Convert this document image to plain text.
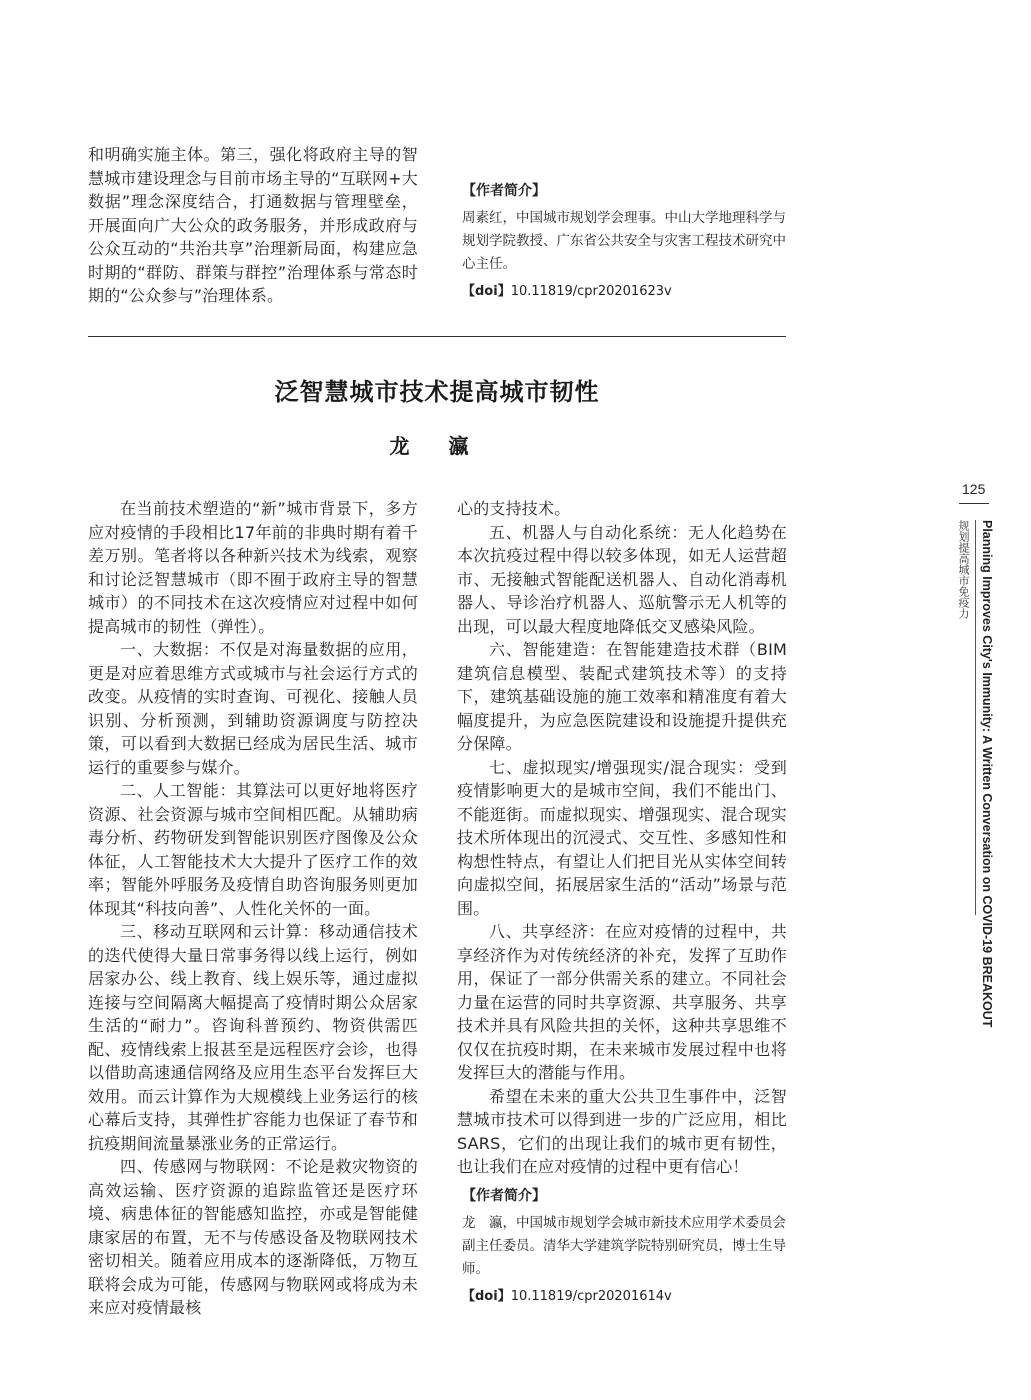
和明确实施主体。第三，强化将政府主导的智慧城市建设理念与目前市场主导的“互联网+大数据”理念深度结合，打通数据与管理壁垒，开展面向广大公众的政务服务，并形成政府与公众互动的“共治共享”治理新局面，构建应急时期的“群防、群策与群控”治理体系与常态时期的“公众参与”治理体系。

【作者简介】

周素红，中国城市规划学会理事。中山大学地理科学与规划学院教授、广东省公共安全与灾害工程技术研究中心主任。

【doi】10.11819/cpr20201623v

泛智慧城市技术提高城市韧性
龙 瀛

在当前技术塑造的“新”城市背景下，多方应对疫情的手段相比17年前的非典时期有着千差万别。笔者将以各种新兴技术为线索，观察和讨论泛智慧城市（即不囿于政府主导的智慧城市）的不同技术在这次疫情应对过程中如何提高城市的韧性（弹性）。

一、大数据：不仅是对海量数据的应用，更是对应着思维方式或城市与社会运行方式的改变。从疫情的实时查询、可视化、接触人员识别、分析预测，到辅助资源调度与防控决策，可以看到大数据已经成为居民生活、城市运行的重要参与媒介。

二、人工智能：其算法可以更好地将医疗资源、社会资源与城市空间相匹配。从辅助病毒分析、药物研发到智能识别医疗图像及公众体征，人工智能技术大大提升了医疗工作的效率；智能外呼服务及疫情自助咨询服务则更加体现其“科技向善”、人性化关怀的一面。

三、移动互联网和云计算：移动通信技术的迭代使得大量日常事务得以线上运行，例如居家办公、线上教育、线上娱乐等，通过虚拟连接与空间隔离大幅提高了疫情时期公众居家生活的“耐力”。咨询科普预约、物资供需匹配、疫情线索上报甚至是远程医疗会诊，也得以借助高速通信网络及应用生态平台发挥巨大效用。而云计算作为大规模线上业务运行的核心幕后支持，其弹性扩容能力也保证了春节和抗疫期间流量暴涨业务的正常运行。

四、传感网与物联网：不论是救灾物资的高效运输、医疗资源的追踪监管还是医疗环境、病患体征的智能感知监控，亦或是智能健康家居的布置，无不与传感设备及物联网技术密切相关。随着应用成本的逐渐降低，万物互联将会成为可能，传感网与物联网或将成为未来应对疫情最核

心的支持技术。

五、机器人与自动化系统：无人化趋势在本次抗疫过程中得以较多体现，如无人运营超市、无接触式智能配送机器人、自动化消毒机器人、导诊治疗机器人、巡航警示无人机等的出现，可以最大程度地降低交叉感染风险。

六、智能建造：在智能建造技术群（BIM建筑信息模型、装配式建筑技术等）的支持下，建筑基础设施的施工效率和精准度有着大幅度提升，为应急医院建设和设施提升提供充分保障。

七、虚拟现实/增强现实/混合现实：受到疫情影响更大的是城市空间，我们不能出门、不能逛街。而虚拟现实、增强现实、混合现实技术所体现出的沉浸式、交互性、多感知性和构想性特点，有望让人们把目光从实体空间转向虚拟空间，拓展居家生活的“活动”场景与范围。

八、共享经济：在应对疫情的过程中，共享经济作为对传统经济的补充，发挥了互助作用，保证了一部分供需关系的建立。不同社会力量在运营的同时共享资源、共享服务、共享技术并具有风险共担的关怀，这种共享思维不仅仅在抗疫时期，在未来城市发展过程中也将发挥巨大的潜能与作用。

希望在未来的重大公共卫生事件中，泛智慧城市技术可以得到进一步的广泛应用，相比SARS，它们的出现让我们的城市更有韧性，也让我们在应对疫情的过程中更有信心！

【作者简介】

龙　瀛，中国城市规划学会城市新技术应用学术委员会副主任委员。清华大学建筑学院特别研究员，博士生导师。

【doi】10.11819/cpr20201614v

125
Planning Improves City's Immunity: A Written Conversation on COVID-19 BREAKOUT
规划提高城市免疫力
